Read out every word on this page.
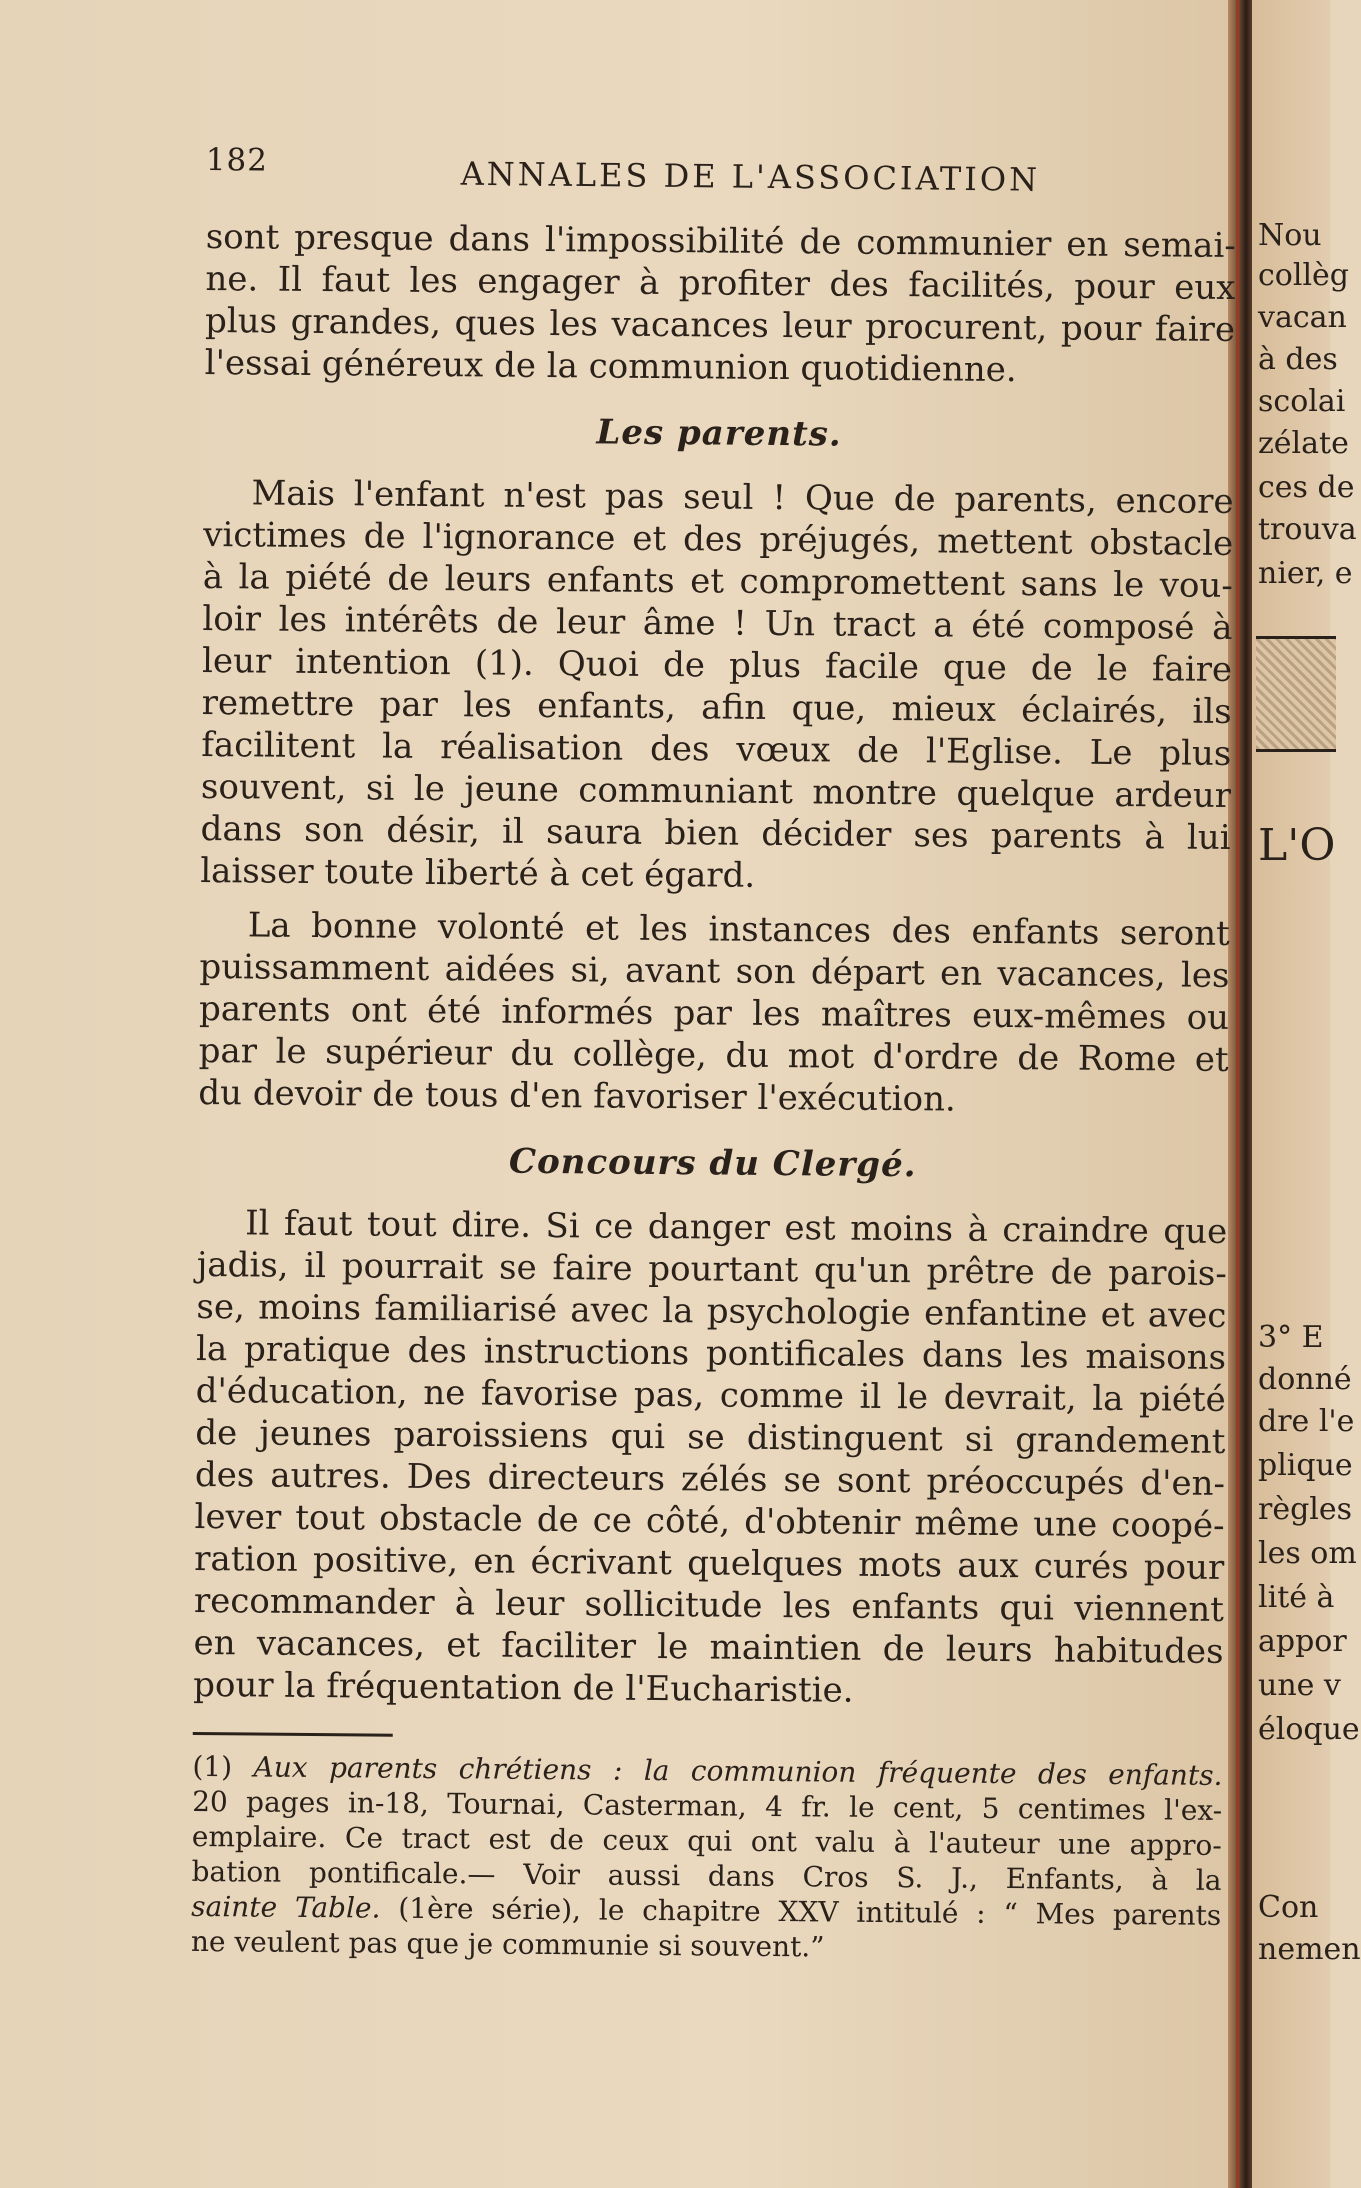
182	ANNALES DE L'ASSOCIATION
sont presque dans l'impossibilité de communier en semai-
ne. Il faut les engager à profiter des facilités, pour eux
plus grandes, ques les vacances leur procurent, pour faire
l'essai généreux de la communion quotidienne.
Les parents.
Mais l'enfant n'est pas seul ! Que de parents, encore
victimes de l'ignorance et des préjugés, mettent obstacle
à la piété de leurs enfants et compromettent sans le vou-
loir les intérêts de leur âme ! Un tract a été composé à
leur intention (1). Quoi de plus facile que de le faire
remettre par les enfants, afin que, mieux éclairés, ils
facilitent la réalisation des vœux de l'Eglise. Le plus
souvent, si le jeune communiant montre quelque ardeur
dans son désir, il saura bien décider ses parents à lui
laisser toute liberté à cet égard.
La bonne volonté et les instances des enfants seront
puissamment aidées si, avant son départ en vacances, les
parents ont été informés par les maîtres eux-mêmes ou
par le supérieur du collège, du mot d'ordre de Rome et
du devoir de tous d'en favoriser l'exécution.
Concours du Clergé.
Il faut tout dire. Si ce danger est moins à craindre que
jadis, il pourrait se faire pourtant qu'un prêtre de parois-
se, moins familiarisé avec la psychologie enfantine et avec
la pratique des instructions pontificales dans les maisons
d'éducation, ne favorise pas, comme il le devrait, la piété
de jeunes paroissiens qui se distinguent si grandement
des autres. Des directeurs zélés se sont préoccupés d'en-
lever tout obstacle de ce côté, d'obtenir même une coopé-
ration positive, en écrivant quelques mots aux curés pour
recommander à leur sollicitude les enfants qui viennent
en vacances, et faciliter le maintien de leurs habitudes
pour la fréquentation de l'Eucharistie.
(1) Aux parents chrétiens : la communion fréquente des enfants.
20 pages in-18, Tournai, Casterman, 4 fr. le cent, 5 centimes l'ex-
emplaire. Ce tract est de ceux qui ont valu à l'auteur une appro-
bation pontificale.— Voir aussi dans Cros S. J., Enfants, à la
sainte Table. (1ère série), le chapitre XXV intitulé : “ Mes parents
ne veulent pas que je communie si souvent.”
Nou
collèg
vacan
à des
scolai
zélate
ces de
trouva
nier, e
L'O
3° E
donné
dre l'e
plique
règles
les om
lité à
appor
une v
éloque
Con
nemen
